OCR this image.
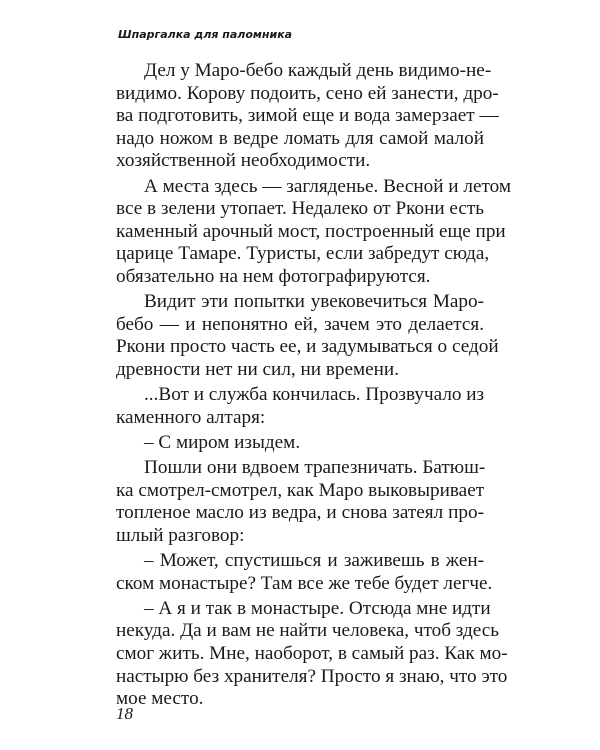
Шпаргалка для паломника
Дел у Маро-бебо каждый день видимо-не-
видимо. Корову подоить, сено ей занести, дро-
ва подготовить, зимой еще и вода замерзает —
надо ножом в ведре ломать для самой малой
хозяйственной необходимости.
А места здесь — загляденье. Весной и летом
все в зелени утопает. Недалеко от Ркони есть
каменный арочный мост, построенный еще при
царице Тамаре. Туристы, если забредут сюда,
обязательно на нем фотографируются.
Видит эти попытки увековечиться Маро-
бебо — и непонятно ей, зачем это делается.
Ркони просто часть ее, и задумываться о седой
древности нет ни сил, ни времени.
...Вот и служба кончилась. Прозвучало из
каменного алтаря:
– С миром изыдем.
Пошли они вдвоем трапезничать. Батюш-
ка смотрел-смотрел, как Маро выковыривает
топленое масло из ведра, и снова затеял про-
шлый разговор:
– Может, спустишься и заживешь в жен-
ском монастыре? Там все же тебе будет легче.
– А я и так в монастыре. Отсюда мне идти
некуда. Да и вам не найти человека, чтоб здесь
смог жить. Мне, наоборот, в самый раз. Как мо-
настырю без хранителя? Просто я знаю, что это
мое место.
18
